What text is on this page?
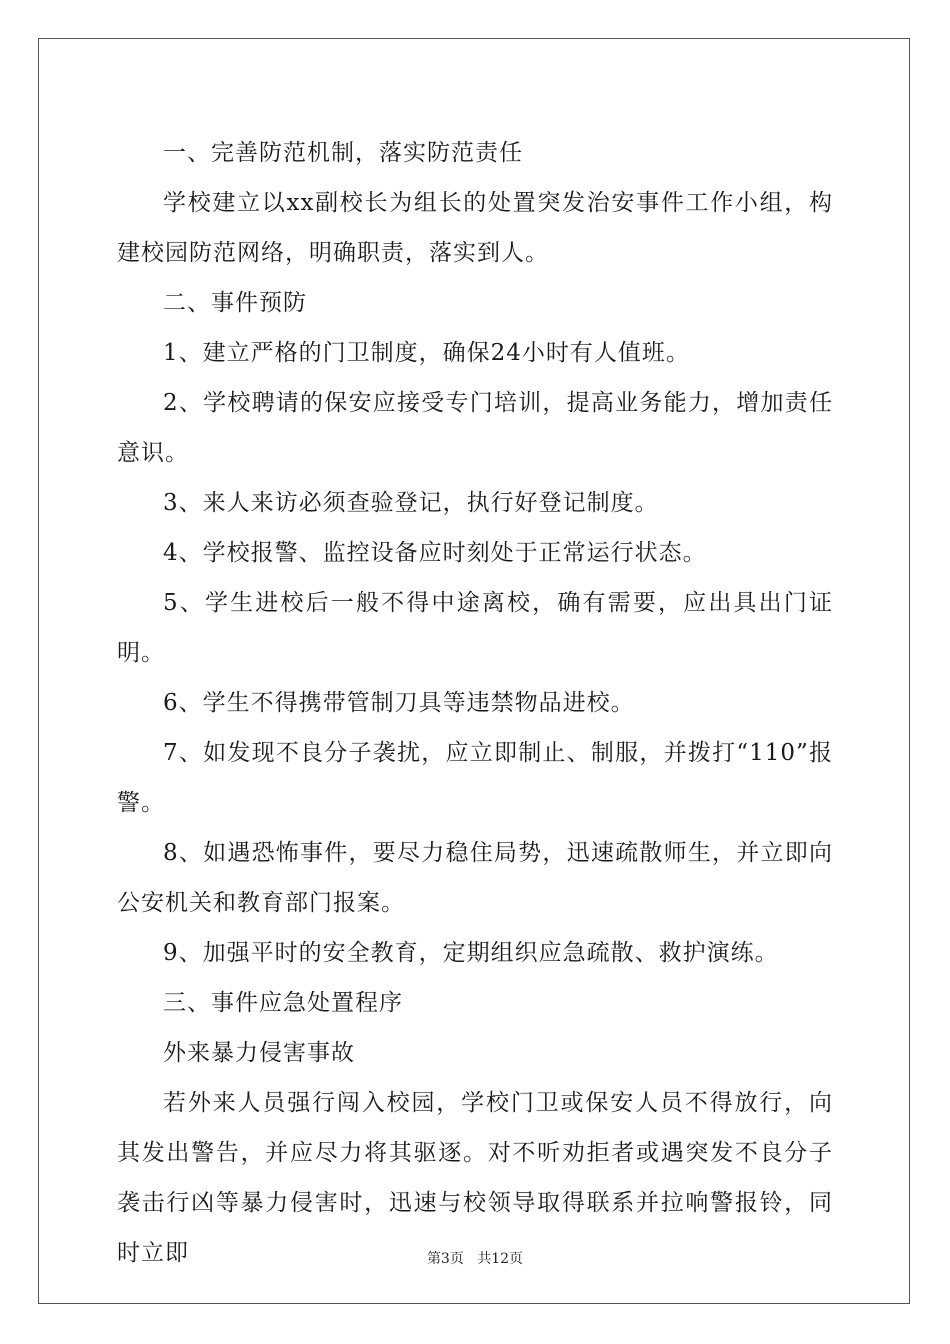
一、完善防范机制，落实防范责任

学校建立以xx副校长为组长的处置突发治安事件工作小组，构建校园防范网络，明确职责，落实到人。

二、事件预防

1、建立严格的门卫制度，确保24小时有人值班。

2、学校聘请的保安应接受专门培训，提高业务能力，增加责任意识。

3、来人来访必须查验登记，执行好登记制度。

4、学校报警、监控设备应时刻处于正常运行状态。

5、学生进校后一般不得中途离校，确有需要，应出具出门证明。

6、学生不得携带管制刀具等违禁物品进校。

7、如发现不良分子袭扰，应立即制止、制服，并拨打“110”报警。

8、如遇恐怖事件，要尽力稳住局势，迅速疏散师生，并立即向公安机关和教育部门报案。

9、加强平时的安全教育，定期组织应急疏散、救护演练。

三、事件应急处置程序

外来暴力侵害事故

若外来人员强行闯入校园，学校门卫或保安人员不得放行，向其发出警告，并应尽力将其驱逐。对不听劝拒者或遇突发不良分子袭击行凶等暴力侵害时，迅速与校领导取得联系并拉响警报铃，同时立即	第3页 共12页
